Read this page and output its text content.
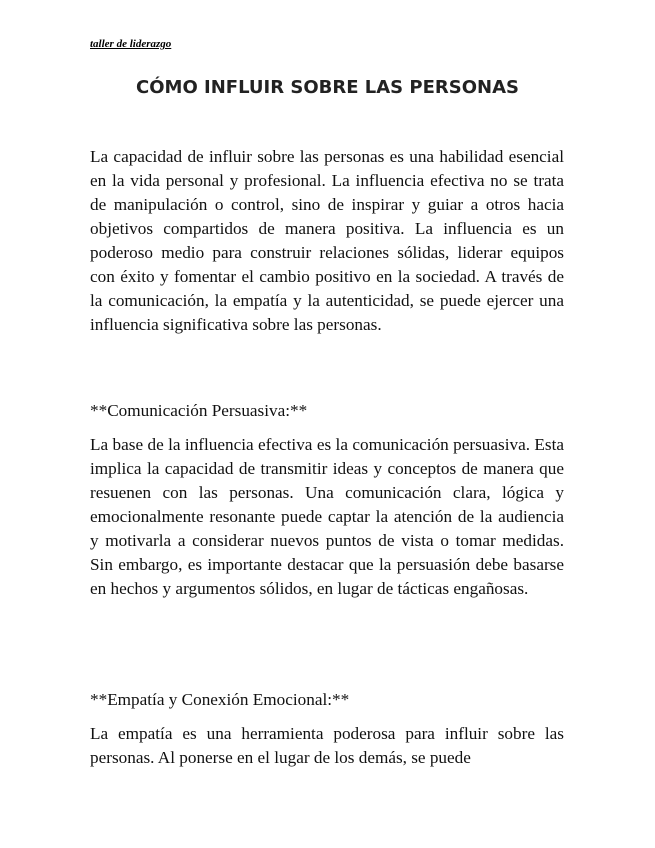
taller de liderazgo
CÓMO INFLUIR SOBRE LAS PERSONAS

La capacidad de influir sobre las personas es una habilidad esencial en la vida personal y profesional. La influencia efectiva no se trata de manipulación o control, sino de inspirar y guiar a otros hacia objetivos compartidos de manera positiva. La influencia es un poderoso medio para construir relaciones sólidas, liderar equipos con éxito y fomentar el cambio positivo en la sociedad. A través de la comunicación, la empatía y la autenticidad, se puede ejercer una influencia significativa sobre las personas.

**Comunicación Persuasiva:**

La base de la influencia efectiva es la comunicación persuasiva. Esta implica la capacidad de transmitir ideas y conceptos de manera que resuenen con las personas. Una comunicación clara, lógica y emocionalmente resonante puede captar la atención de la audiencia y motivarla a considerar nuevos puntos de vista o tomar medidas. Sin embargo, es importante destacar que la persuasión debe basarse en hechos y argumentos sólidos, en lugar de tácticas engañosas.

**Empatía y Conexión Emocional:**

La empatía es una herramienta poderosa para influir sobre las personas. Al ponerse en el lugar de los demás, se puede
